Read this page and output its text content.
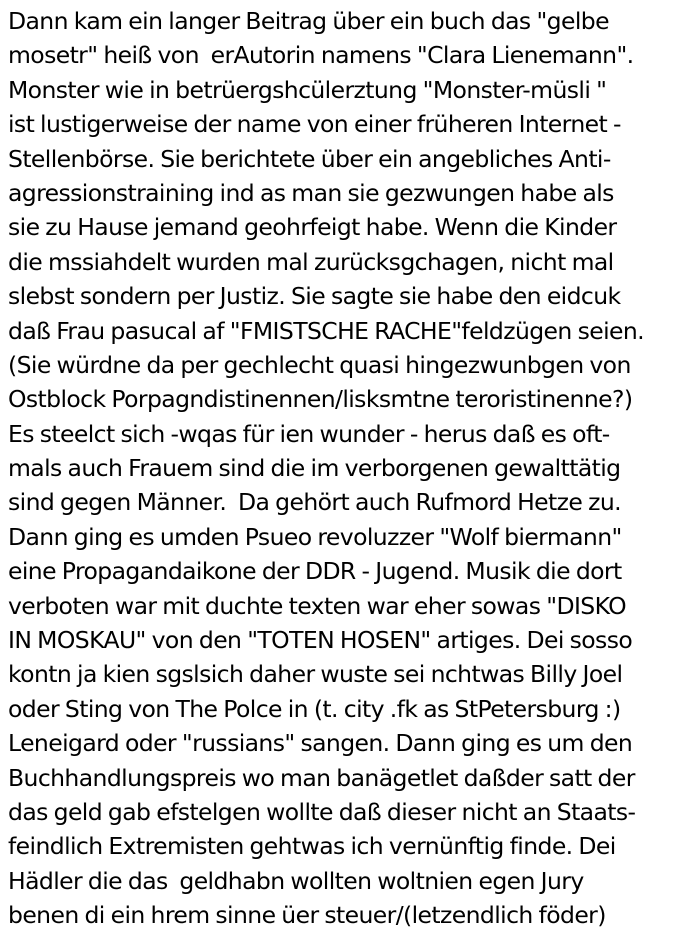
Dann kam ein langer Beitrag über ein buch das "gelbe
mosetr" heiß von  erAutorin namens "Clara Lienemann".
Monster wie in betrüergshcülerztung "Monster-müsli "
ist lustigerweise der name von einer früheren Internet -
Stellenbörse. Sie berichtete über ein angebliches Anti-
agressionstraining ind as man sie gezwungen habe als
sie zu Hause jemand geohrfeigt habe. Wenn die Kinder
die mssiahdelt wurden mal zurücksgchagen, nicht mal
slebst sondern per Justiz. Sie sagte sie habe den eidcuk
daß Frau pasucal af "FMISTSCHE RACHE"feldzügen seien.
(Sie würdne da per gechlecht quasi hingezwunbgen von
Ostblock Porpagndistinennen/lisksmtne teroristinenne?)
Es steelct sich -wqas für ien wunder - herus daß es oft-
mals auch Frauem sind die im verborgenen gewalttätig
sind gegen Männer.  Da gehört auch Rufmord Hetze zu.
Dann ging es umden Psueo revoluzzer "Wolf biermann"
eine Propagandaikone der DDR - Jugend. Musik die dort
verboten war mit duchte texten war eher sowas "DISKO
IN MOSKAU" von den "TOTEN HOSEN" artiges. Dei sosso
kontn ja kien sgslsich daher wuste sei nchtwas Billy Joel
oder Sting von The Polce in (t. city .fk as StPetersburg :)
Leneigard oder "russians" sangen. Dann ging es um den
Buchhandlungspreis wo man banägetlet daßder satt der
das geld gab efstelgen wollte daß dieser nicht an Staats-
feindlich Extremisten gehtwas ich vernünftig finde. Dei
Hädler die das  geldhabn wollten woltnien egen Jury
benen di ein hrem sinne üer steuer/(letzendlich föder)
